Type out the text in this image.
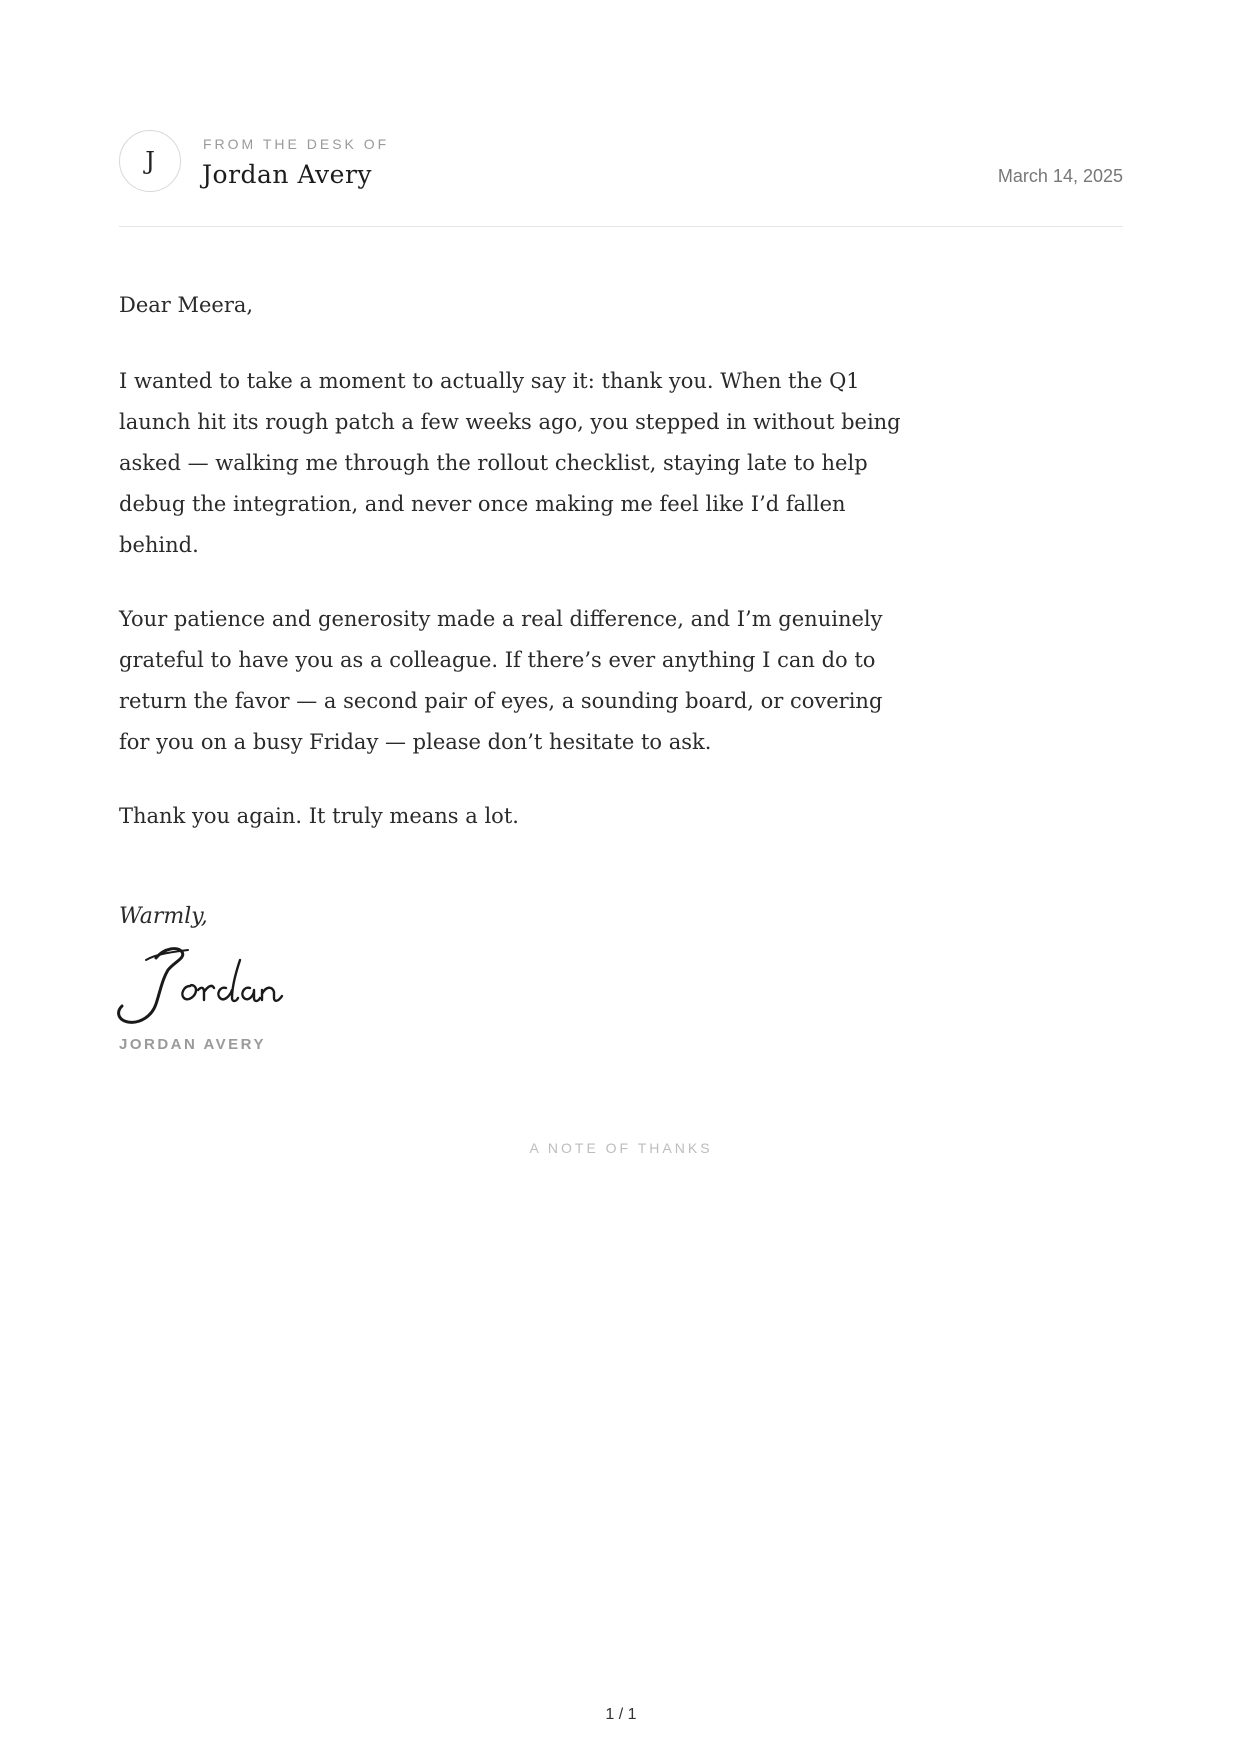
J
FROM THE DESK OF
Jordan Avery	March 14, 2025

Dear Meera,

I wanted to take a moment to actually say it: thank you. When the Q1 launch hit its rough patch a few weeks ago, you stepped in without being asked — walking me through the rollout checklist, staying late to help debug the integration, and never once making me feel like I’d fallen behind.

Your patience and generosity made a real difference, and I’m genuinely grateful to have you as a colleague. If there’s ever anything I can do to return the favor — a second pair of eyes, a sounding board, or covering for you on a busy Friday — please don’t hesitate to ask.

Thank you again. It truly means a lot.

Warmly,
JORDAN AVERY
A NOTE OF THANKS
1 / 1
